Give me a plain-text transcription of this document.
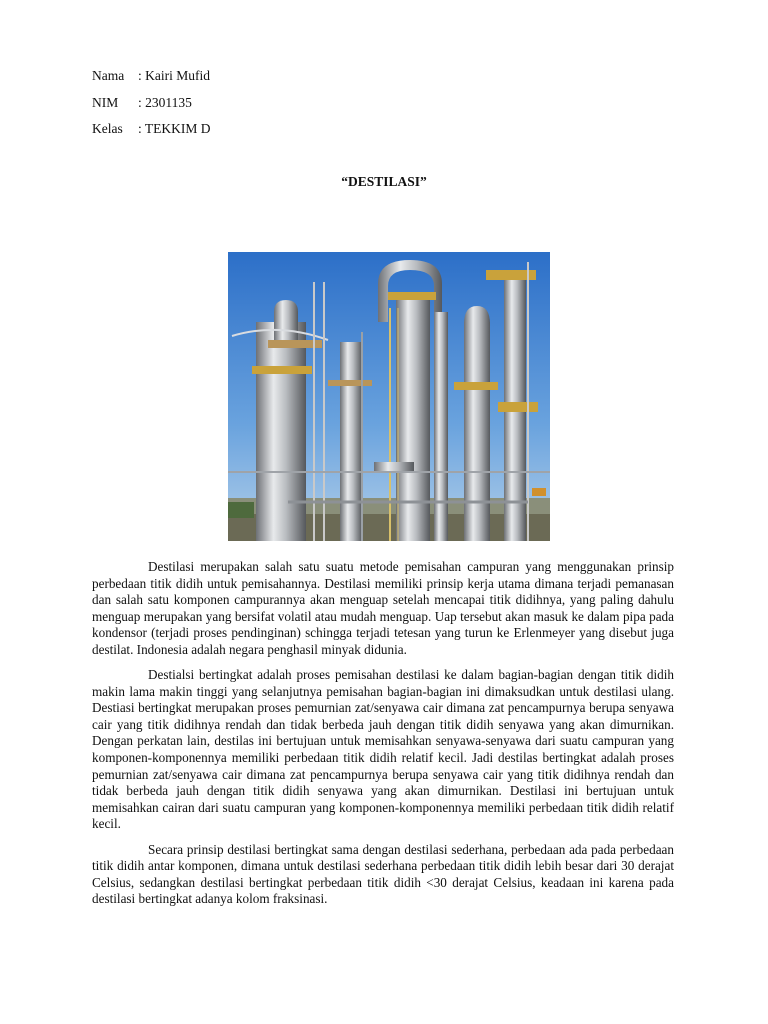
Nama : Kairi Mufid
NIM : 2301135
Kelas : TEKKIM D
“DESTILASI”

Destilasi merupakan salah satu suatu metode pemisahan campuran yang menggunakan prinsip perbedaan titik didih untuk pemisahannya. Destilasi memiliki prinsip kerja utama dimana terjadi pemanasan dan salah satu komponen campurannya akan menguap setelah mencapai titik didihnya, yang paling dahulu menguap merupakan yang bersifat volatil atau mudah menguap. Uap tersebut akan masuk ke dalam pipa pada kondensor (terjadi proses pendinginan) schingga terjadi tetesan yang turun ke Erlenmeyer yang disebut juga destilat. Indonesia adalah negara penghasil minyak didunia.

Destialsi bertingkat adalah proses pemisahan destilasi ke dalam bagian-bagian dengan titik didih makin lama makin tinggi yang selanjutnya pemisahan bagian-bagian ini dimaksudkan untuk destilasi ulang. Destiasi bertingkat merupakan proses pemurnian zat/senyawa cair dimana zat pencampurnya berupa senyawa cair yang titik didihnya rendah dan tidak berbeda jauh dengan titik didih senyawa yang akan dimurnikan. Dengan perkatan lain, destilas ini bertujuan untuk memisahkan senyawa-senyawa dari suatu campuran yang komponen-komponennya memiliki perbedaan titik didih relatif kecil. Jadi destilas bertingkat adalah proses pemurnian zat/senyawa cair dimana zat pencampurnya berupa senyawa cair yang titik didihnya rendah dan tidak berbeda jauh dengan titik didih senyawa yang akan dimurnikan. Destilasi ini bertujuan untuk memisahkan cairan dari suatu campuran yang komponen-komponennya memiliki perbedaan titik didih relatif kecil.

Secara prinsip destilasi bertingkat sama dengan destilasi sederhana, perbedaan ada pada perbedaan titik didih antar komponen, dimana untuk destilasi sederhana perbedaan titik didih lebih besar dari 30 derajat Celsius, sedangkan destilasi bertingkat perbedaan titik didih <30 derajat Celsius, keadaan ini karena pada destilasi bertingkat adanya kolom fraksinasi.
